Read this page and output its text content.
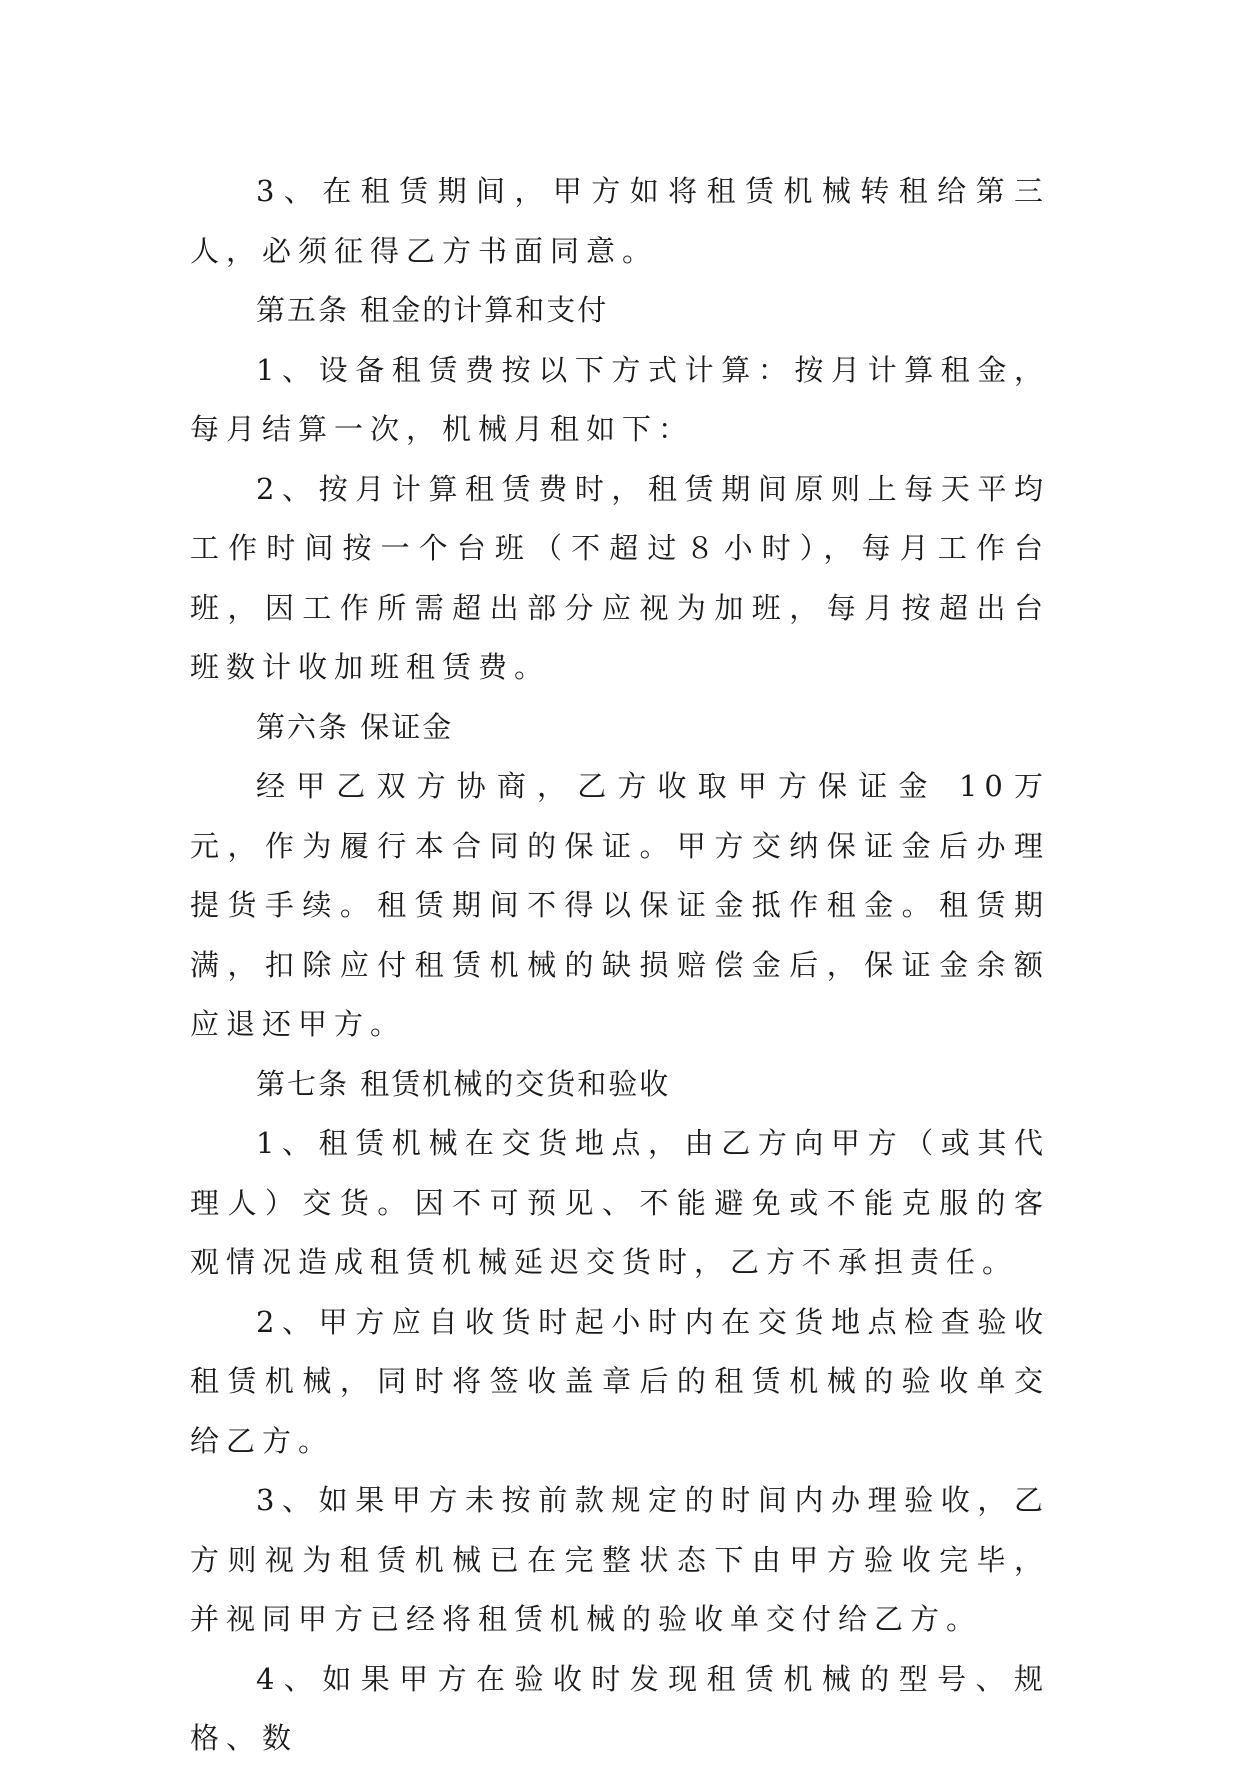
3、在租赁期间，甲方如将租赁机械转租给第三人，必须征得乙方书面同意。

第五条 租金的计算和支付

1、设备租赁费按以下方式计算：按月计算租金，每月结算一次，机械月租如下：

2、按月计算租赁费时，租赁期间原则上每天平均工作时间按一个台班（不超过８小时），每月工作台班，因工作所需超出部分应视为加班，每月按超出台班数计收加班租赁费。

第六条 保证金

经甲乙双方协商，乙方收取甲方保证金 10万 元，作为履行本合同的保证。甲方交纳保证金后办理提货手续。租赁期间不得以保证金抵作租金。租赁期满，扣除应付租赁机械的缺损赔偿金后，保证金余额应退还甲方。

第七条 租赁机械的交货和验收

1、租赁机械在交货地点，由乙方向甲方（或其代理人）交货。因不可预见、不能避免或不能克服的客观情况造成租赁机械延迟交货时，乙方不承担责任。

2、甲方应自收货时起小时内在交货地点检查验收租赁机械，同时将签收盖章后的租赁机械的验收单交给乙方。

3、如果甲方未按前款规定的时间内办理验收，乙方则视为租赁机械已在完整状态下由甲方验收完毕，并视同甲方已经将租赁机械的验收单交付给乙方。

4、如果甲方在验收时发现租赁机械的型号、规格、数
